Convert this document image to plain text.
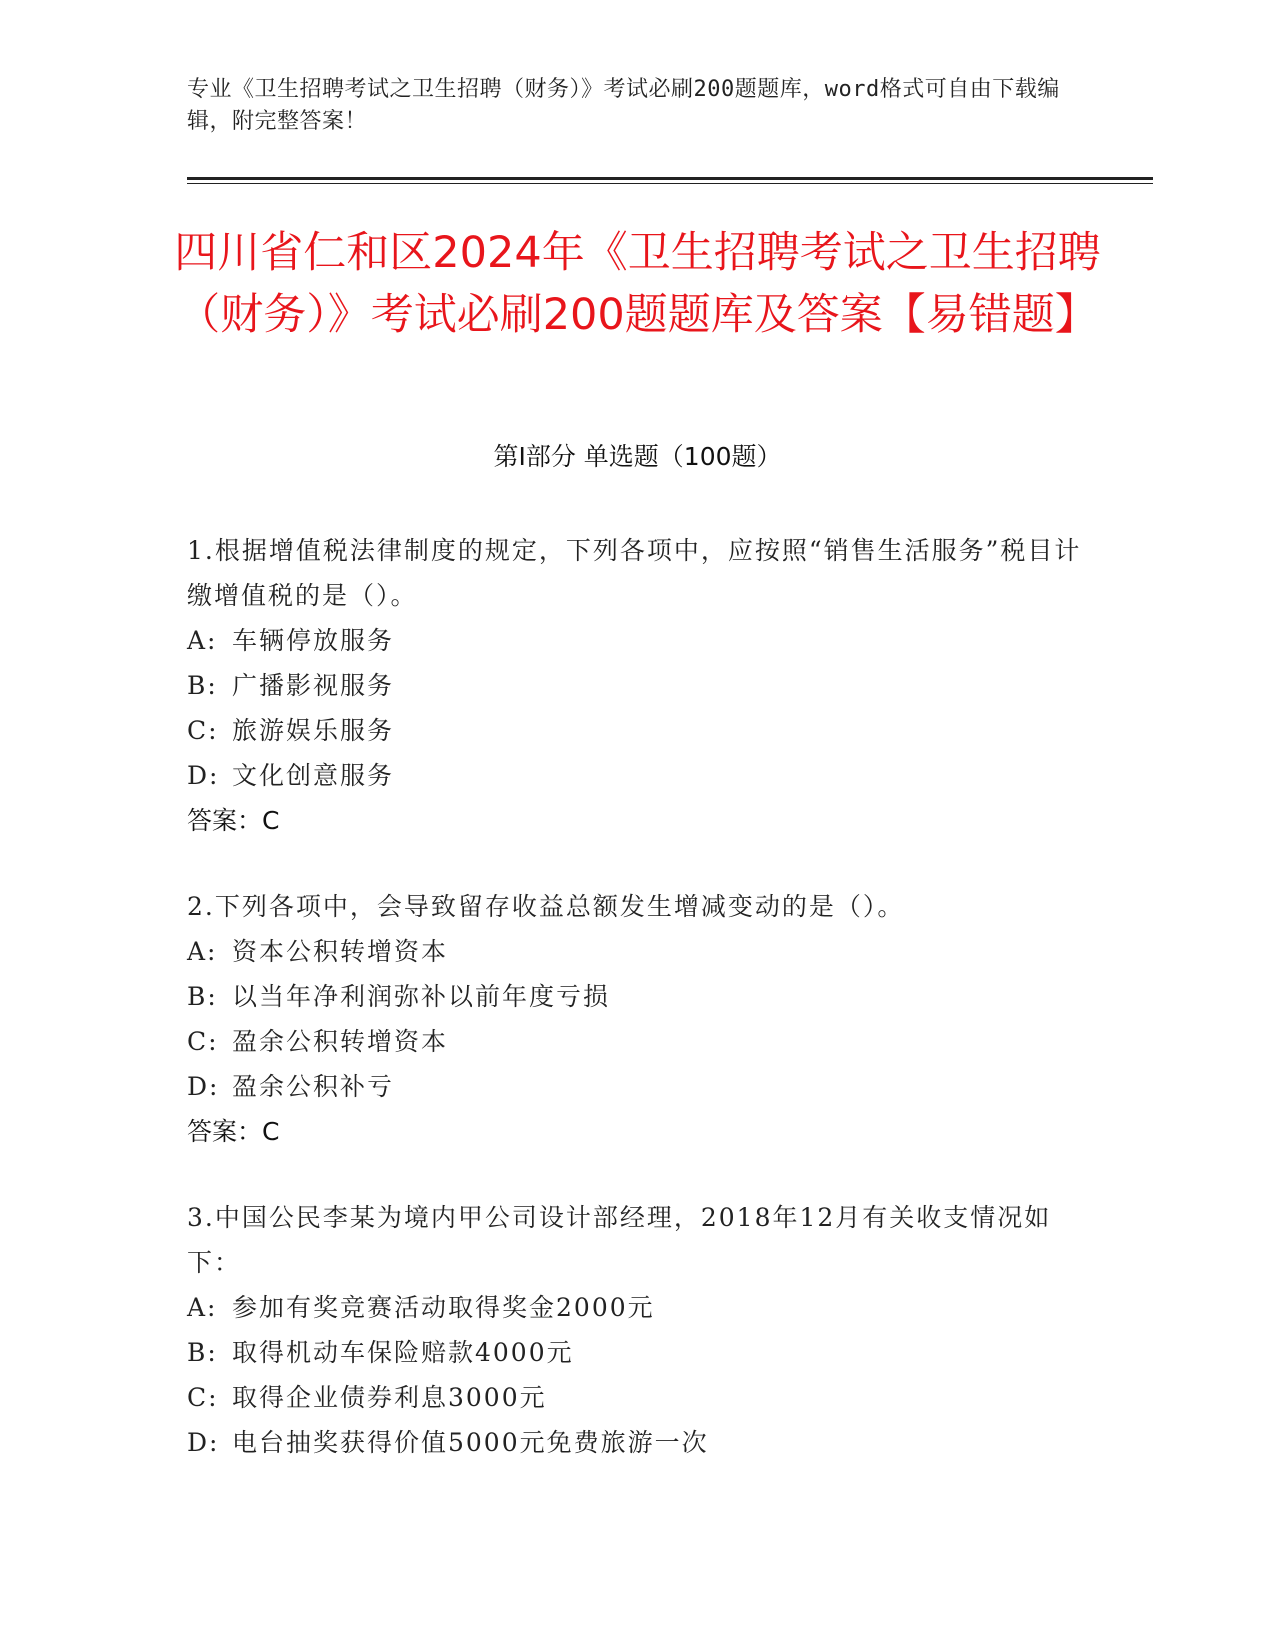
专业《卫生招聘考试之卫生招聘（财务）》考试必刷200题题库，word格式可自由下载编辑，附完整答案！
四川省仁和区2024年《卫生招聘考试之卫生招聘（财务）》考试必刷200题题库及答案【易错题】
第Ⅰ部分 单选题（100题）
1.根据增值税法律制度的规定，下列各项中，应按照“销售生活服务”税目计缴增值税的是（）。
A: 车辆停放服务
B: 广播影视服务
C: 旅游娱乐服务
D: 文化创意服务
答案：C
2.下列各项中，会导致留存收益总额发生增减变动的是（）。
A: 资本公积转增资本
B: 以当年净利润弥补以前年度亏损
C: 盈余公积转增资本
D: 盈余公积补亏
答案：C
3.中国公民李某为境内甲公司设计部经理，2018年12月有关收支情况如下：
A: 参加有奖竞赛活动取得奖金2000元
B: 取得机动车保险赔款4000元
C: 取得企业债券利息3000元
D: 电台抽奖获得价值5000元免费旅游一次
